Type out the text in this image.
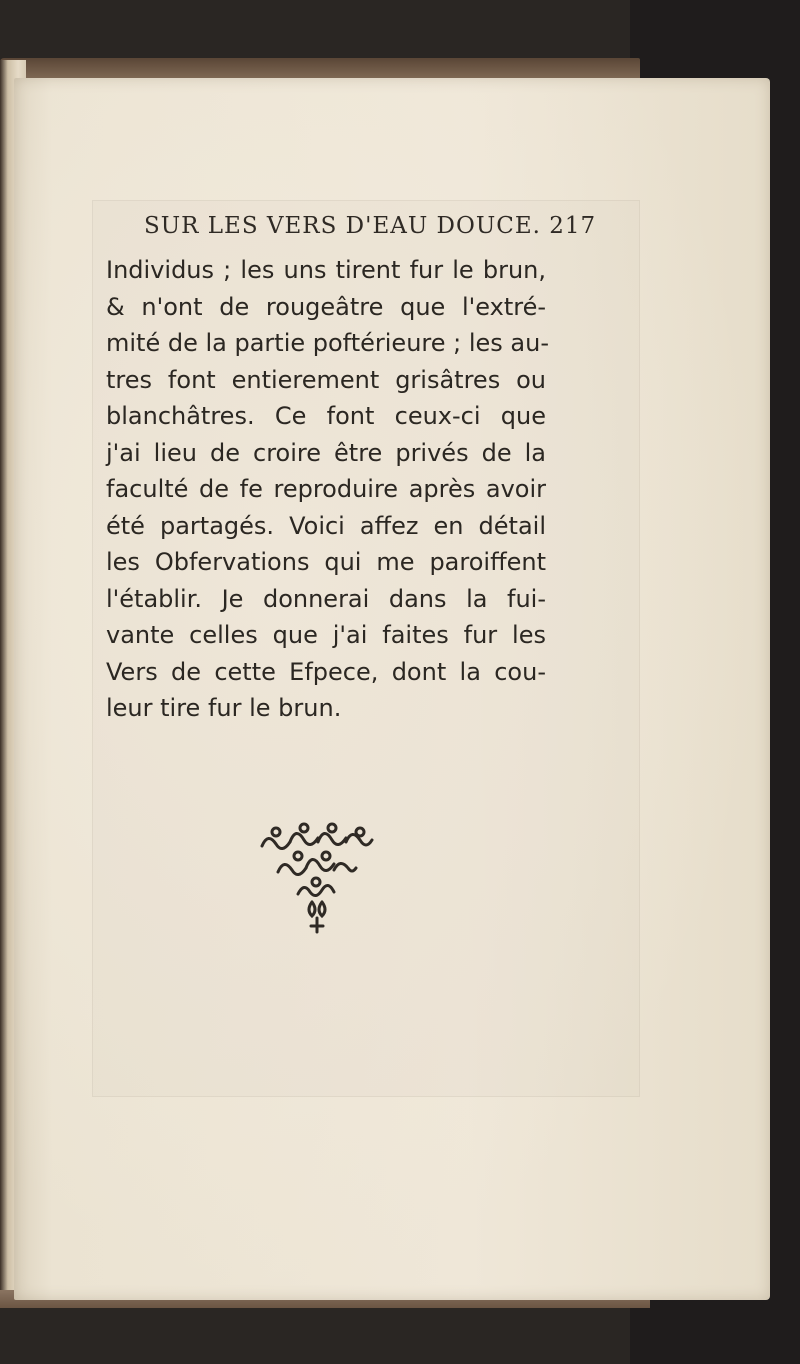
SUR LES VERS D'EAU DOUCE. 217
Individus ; les uns tirent fur le brun,
& n'ont de rougeâtre que l'extré-
mité de la partie poftérieure ; les au-
tres font entierement grisâtres ou
blanchâtres. Ce font ceux-ci que
j'ai lieu de croire être privés de la
faculté de fe reproduire après avoir
été partagés. Voici affez en détail
les Obfervations qui me paroiffent
l'établir. Je donnerai dans la fui-
vante celles que j'ai faites fur les
Vers de cette Efpece, dont la cou-
leur tire fur le brun.
